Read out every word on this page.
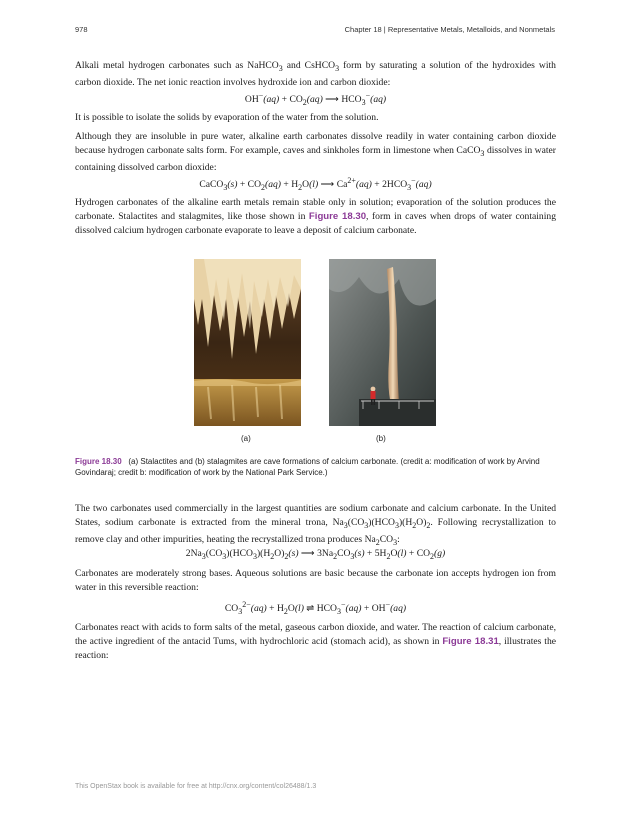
978	Chapter 18 | Representative Metals, Metalloids, and Nonmetals

Alkali metal hydrogen carbonates such as NaHCO$_3$ and CsHCO$_3$ form by saturating a solution of the hydroxides with carbon dioxide. The net ionic reaction involves hydroxide ion and carbon dioxide:

$OH^-(aq) + CO_2(aq)$ ⟶ $HCO_3^-(aq)$

It is possible to isolate the solids by evaporation of the water from the solution.

Although they are insoluble in pure water, alkaline earth carbonates dissolve readily in water containing carbon dioxide because hydrogen carbonate salts form. For example, caves and sinkholes form in limestone when CaCO$_3$ dissolves in water containing dissolved carbon dioxide:

CaCO$_3$(s) + $CO_2(aq) + H_2O(l)$ ⟶ $Ca^{2+}(aq) + 2HCO_3^-(aq)$

Hydrogen carbonates of the alkaline earth metals remain stable only in solution; evaporation of the solution produces the carbonate. Stalactites and stalagmites, like those shown in Figure 18.30, form in caves when drops of water containing dissolved calcium hydrogen carbonate evaporate to leave a deposit of calcium carbonate.

(a)	(b)
Figure 18.30 (a) Stalactites and (b) stalagmites are cave formations of calcium carbonate. (credit a: modification of work by Arvind Govindaraj; credit b: modification of work by the National Park Service.)

The two carbonates used commercially in the largest quantities are sodium carbonate and calcium carbonate. In the United States, sodium carbonate is extracted from the mineral trona, $Na_3(CO_3)(HCO_3)(H_2O)_2$. Following recrystallization to remove clay and other impurities, heating the recrystallized trona produces $Na_2CO_3$:

$2Na_3(CO_3)(HCO_3)(H_2O)_2(s)$ ⟶ $3Na_2CO_3(s) + 5H_2O(l) + CO_2(g)$

Carbonates are moderately strong bases. Aqueous solutions are basic because the carbonate ion accepts hydrogen ion from water in this reversible reaction:

$CO_3^{2-}(aq) + H_2O(l)$ ⇌ $HCO_3^-(aq) + OH^-(aq)$

Carbonates react with acids to form salts of the metal, gaseous carbon dioxide, and water. The reaction of calcium carbonate, the active ingredient of the antacid Tums, with hydrochloric acid (stomach acid), as shown in Figure 18.31, illustrates the reaction:

This OpenStax book is available for free at http://cnx.org/content/col26488/1.3
